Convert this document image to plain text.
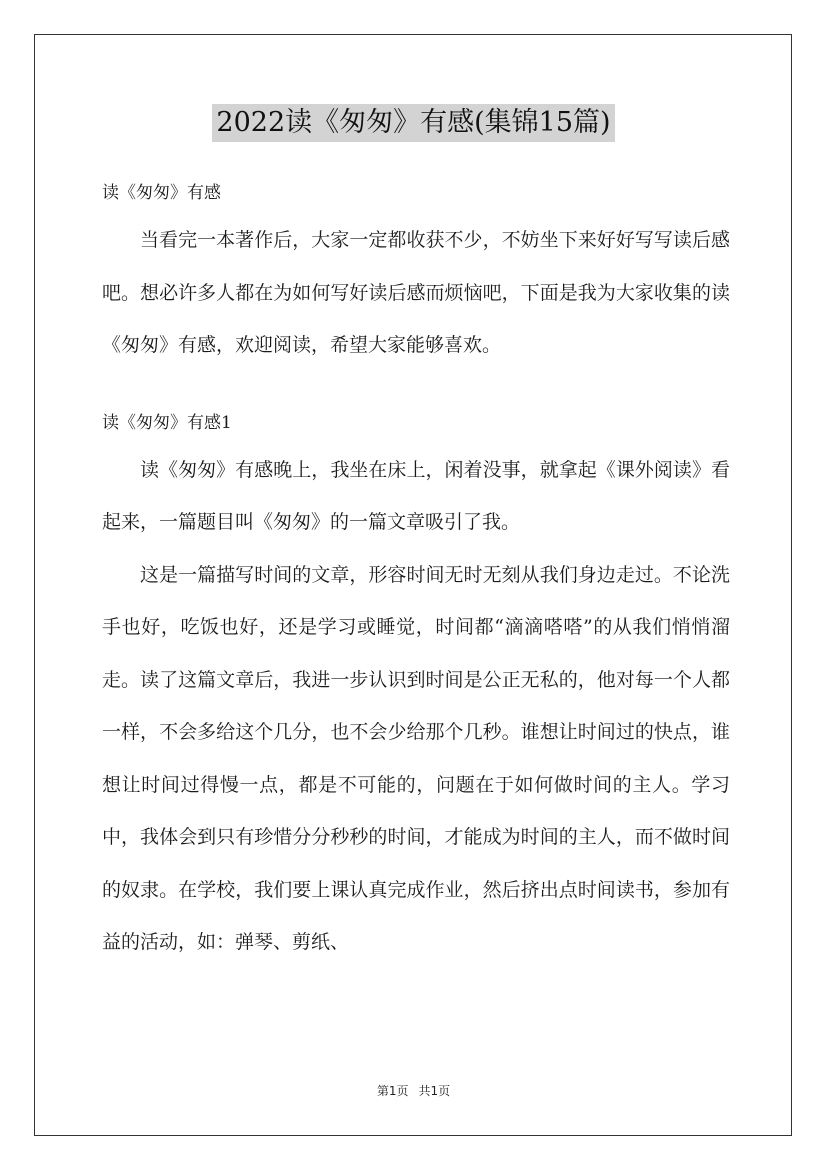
2022读《匆匆》有感(集锦15篇)

读《匆匆》有感

当看完一本著作后，大家一定都收获不少，不妨坐下来好好写写读后感吧。想必许多人都在为如何写好读后感而烦恼吧，下面是我为大家收集的读《匆匆》有感，欢迎阅读，希望大家能够喜欢。

读《匆匆》有感1

读《匆匆》有感晚上，我坐在床上，闲着没事，就拿起《课外阅读》看起来，一篇题目叫《匆匆》的一篇文章吸引了我。

这是一篇描写时间的文章，形容时间无时无刻从我们身边走过。不论洗手也好，吃饭也好，还是学习或睡觉，时间都“滴滴嗒嗒”的从我们悄悄溜走。读了这篇文章后，我进一步认识到时间是公正无私的，他对每一个人都一样，不会多给这个几分，也不会少给那个几秒。谁想让时间过的快点，谁想让时间过得慢一点，都是不可能的，问题在于如何做时间的主人。学习中，我体会到只有珍惜分分秒秒的时间，才能成为时间的主人，而不做时间的奴隶。在学校，我们要上课认真完成作业，然后挤出点时间读书，参加有益的活动，如：弹琴、剪纸、

第1页 共1页
